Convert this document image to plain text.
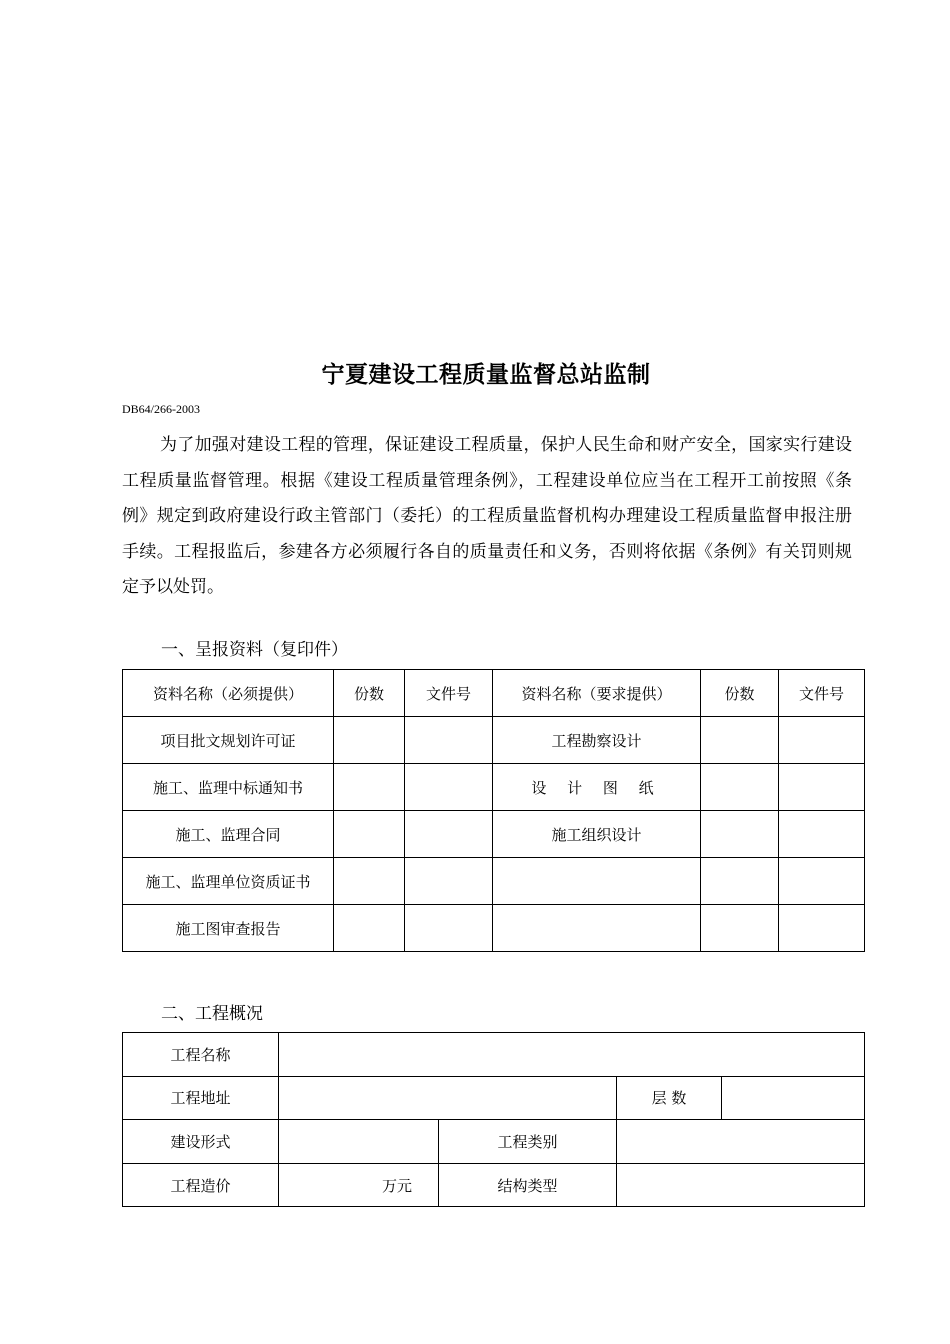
宁夏建设工程质量监督总站监制
DB64/266-2003

为了加强对建设工程的管理，保证建设工程质量，保护人民生命和财产安全，国家实行建设工程质量监督管理。根据《建设工程质量管理条例》，工程建设单位应当在工程开工前按照《条例》规定到政府建设行政主管部门（委托）的工程质量监督机构办理建设工程质量监督申报注册手续。工程报监后，参建各方必须履行各自的质量责任和义务，否则将依据《条例》有关罚则规定予以处罚。

一、呈报资料（复印件）

资料名称（必须提供）	份数	文件号	资料名称（要求提供）	份数	文件号
项目批文规划许可证			工程勘察设计		
施工、监理中标通知书			设 计 图 纸		
施工、监理合同			施工组织设计		
施工、监理单位资质证书					
施工图审查报告					

二、工程概况

工程名称				
工程地址			层 数	
建设形式		工程类别		
工程造价	万元	结构类型		
